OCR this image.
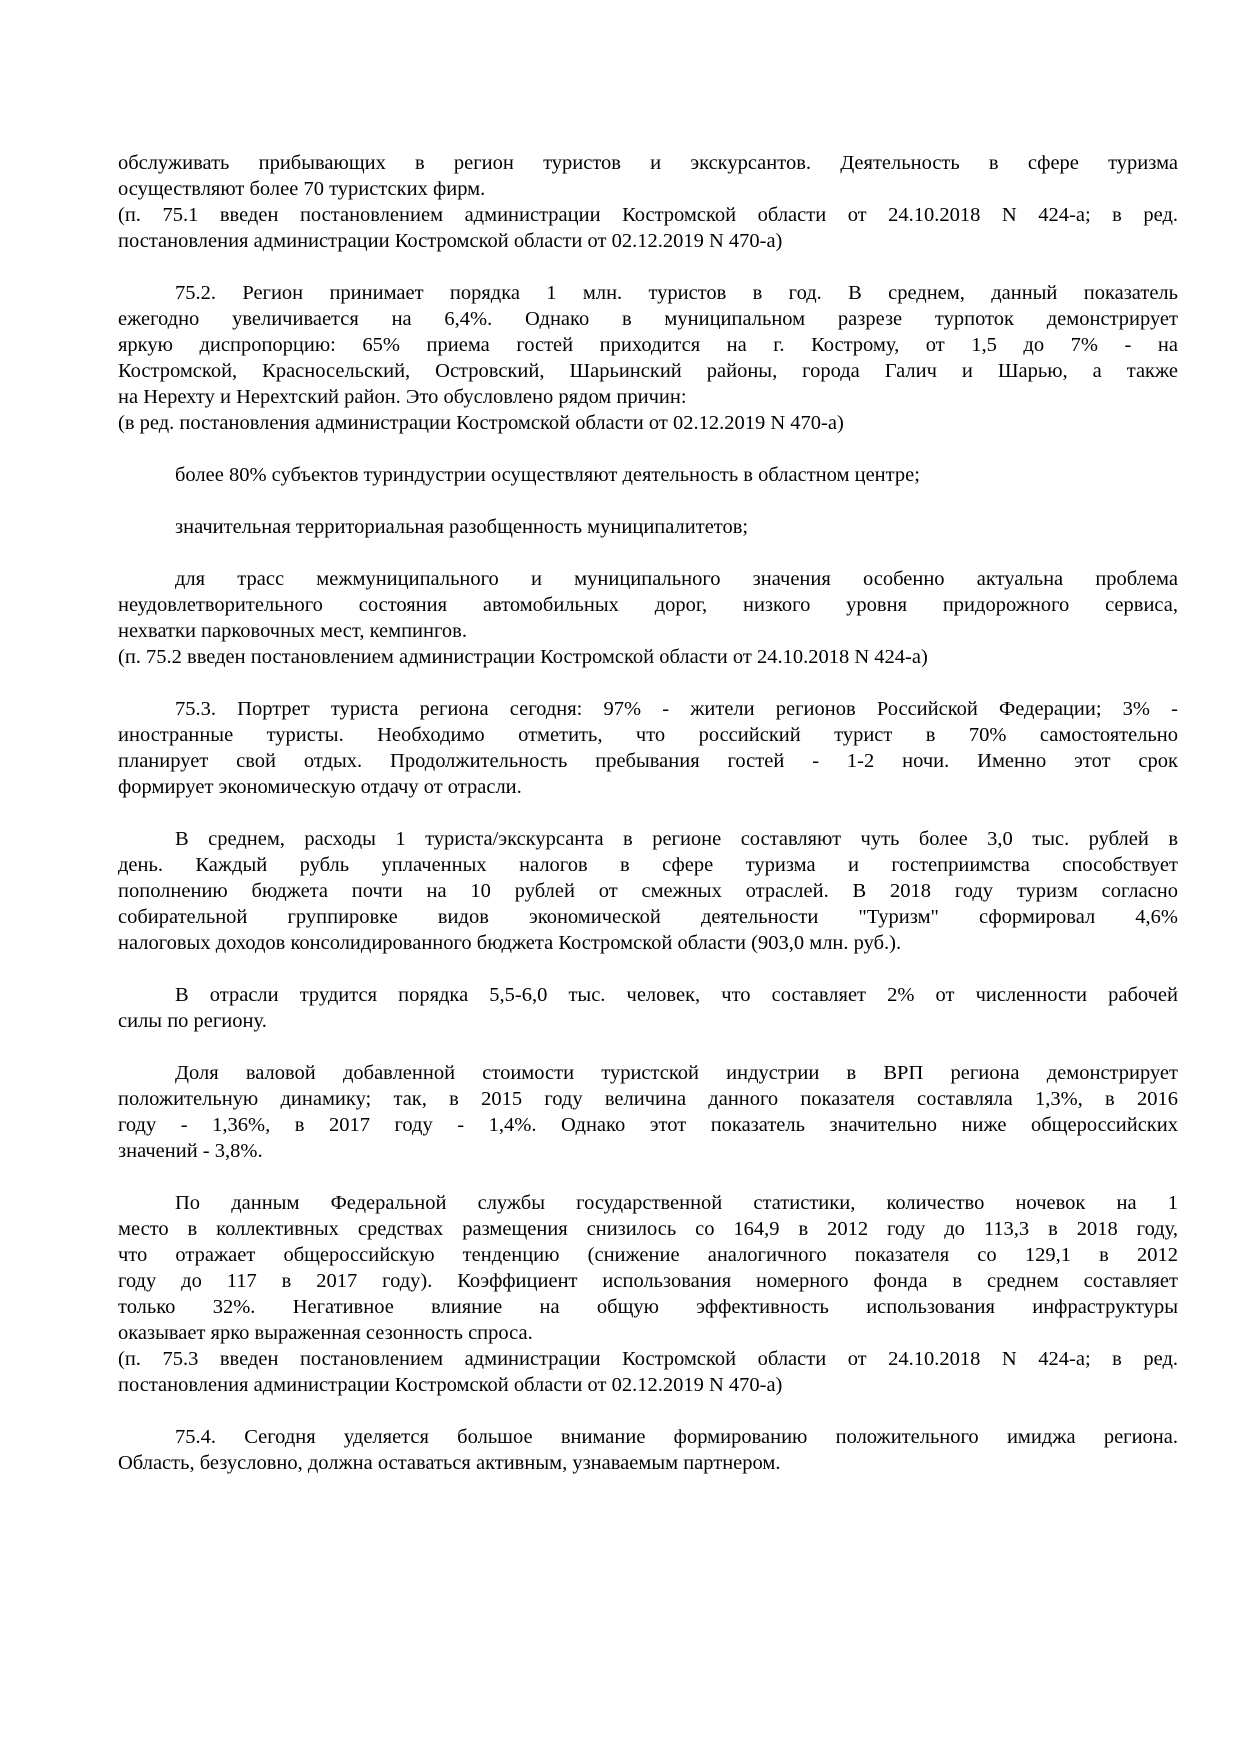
обслуживать прибывающих в регион туристов и экскурсантов. Деятельность в сфере туризма
осуществляют более 70 туристских фирм.
(п. 75.1 введен постановлением администрации Костромской области от 24.10.2018 N 424-а; в ред.
постановления администрации Костромской области от 02.12.2019 N 470-а)
75.2. Регион принимает порядка 1 млн. туристов в год. В среднем, данный показатель
ежегодно увеличивается на 6,4%. Однако в муниципальном разрезе турпоток демонстрирует
яркую диспропорцию: 65% приема гостей приходится на г. Кострому, от 1,5 до 7% - на
Костромской, Красносельский, Островский, Шарьинский районы, города Галич и Шарью, а также
на Нерехту и Нерехтский район. Это обусловлено рядом причин:
(в ред. постановления администрации Костромской области от 02.12.2019 N 470-а)
более 80% субъектов туриндустрии осуществляют деятельность в областном центре;
значительная территориальная разобщенность муниципалитетов;
для трасс межмуниципального и муниципального значения особенно актуальна проблема
неудовлетворительного состояния автомобильных дорог, низкого уровня придорожного сервиса,
нехватки парковочных мест, кемпингов.
(п. 75.2 введен постановлением администрации Костромской области от 24.10.2018 N 424-а)
75.3. Портрет туриста региона сегодня: 97% - жители регионов Российской Федерации; 3% -
иностранные туристы. Необходимо отметить, что российский турист в 70% самостоятельно
планирует свой отдых. Продолжительность пребывания гостей - 1-2 ночи. Именно этот срок
формирует экономическую отдачу от отрасли.
В среднем, расходы 1 туриста/экскурсанта в регионе составляют чуть более 3,0 тыс. рублей в
день. Каждый рубль уплаченных налогов в сфере туризма и гостеприимства способствует
пополнению бюджета почти на 10 рублей от смежных отраслей. В 2018 году туризм согласно
собирательной группировке видов экономической деятельности "Туризм" сформировал 4,6%
налоговых доходов консолидированного бюджета Костромской области (903,0 млн. руб.).
В отрасли трудится порядка 5,5-6,0 тыс. человек, что составляет 2% от численности рабочей
силы по региону.
Доля валовой добавленной стоимости туристской индустрии в ВРП региона демонстрирует
положительную динамику; так, в 2015 году величина данного показателя составляла 1,3%, в 2016
году - 1,36%, в 2017 году - 1,4%. Однако этот показатель значительно ниже общероссийских
значений - 3,8%.
По данным Федеральной службы государственной статистики, количество ночевок на 1
место в коллективных средствах размещения снизилось со 164,9 в 2012 году до 113,3 в 2018 году,
что отражает общероссийскую тенденцию (снижение аналогичного показателя со 129,1 в 2012
году до 117 в 2017 году). Коэффициент использования номерного фонда в среднем составляет
только 32%. Негативное влияние на общую эффективность использования инфраструктуры
оказывает ярко выраженная сезонность спроса.
(п. 75.3 введен постановлением администрации Костромской области от 24.10.2018 N 424-а; в ред.
постановления администрации Костромской области от 02.12.2019 N 470-а)
75.4. Сегодня уделяется большое внимание формированию положительного имиджа региона.
Область, безусловно, должна оставаться активным, узнаваемым партнером.
